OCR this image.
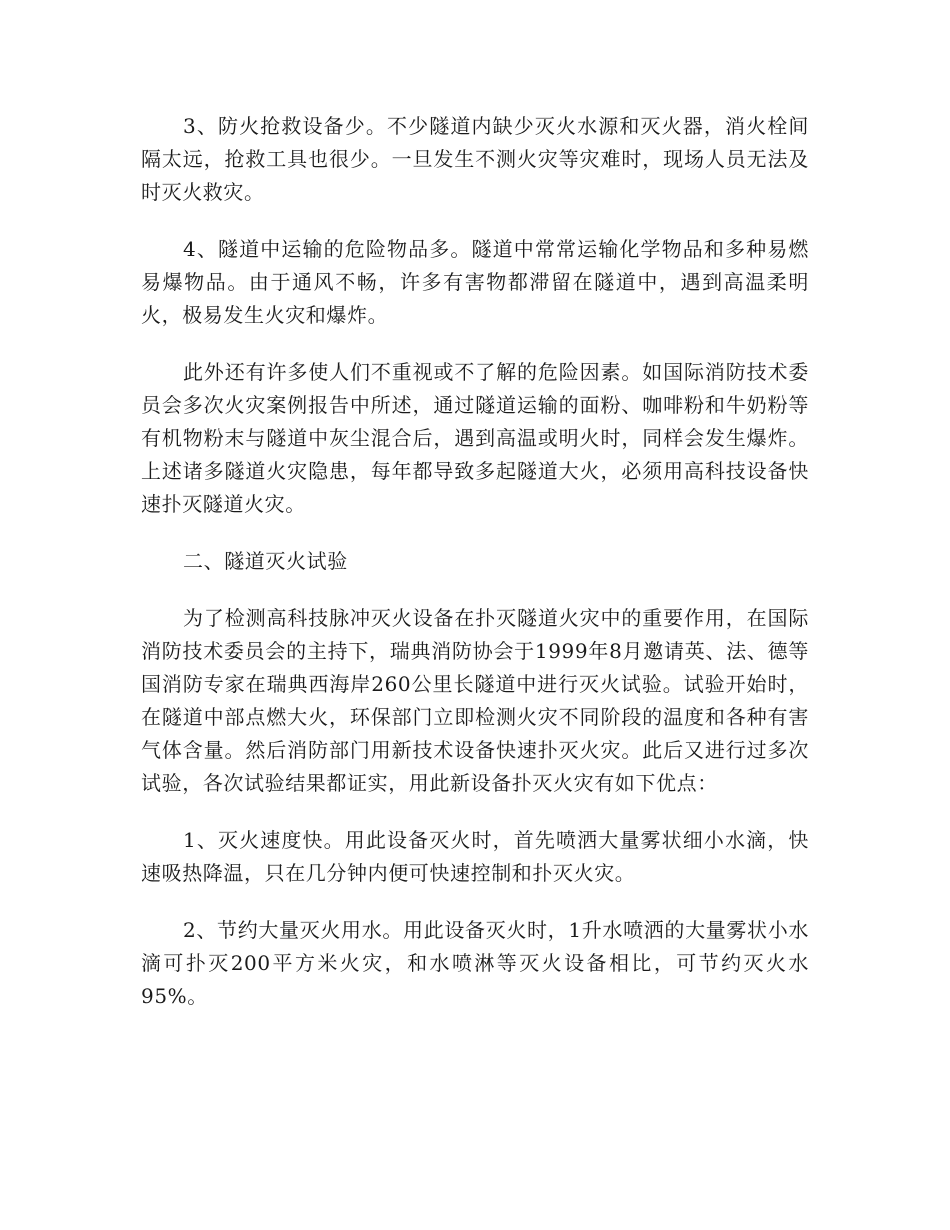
3、防火抢救设备少。不少隧道内缺少灭火水源和灭火器，消火栓间隔太远，抢救工具也很少。一旦发生不测火灾等灾难时，现场人员无法及时灭火救灾。

4、隧道中运输的危险物品多。隧道中常常运输化学物品和多种易燃易爆物品。由于通风不畅，许多有害物都滞留在隧道中，遇到高温柔明火，极易发生火灾和爆炸。

此外还有许多使人们不重视或不了解的危险因素。如国际消防技术委员会多次火灾案例报告中所述，通过隧道运输的面粉、咖啡粉和牛奶粉等有机物粉末与隧道中灰尘混合后，遇到高温或明火时，同样会发生爆炸。上述诸多隧道火灾隐患，每年都导致多起隧道大火，必须用高科技设备快速扑灭隧道火灾。

二、隧道灭火试验

为了检测高科技脉冲灭火设备在扑灭隧道火灾中的重要作用，在国际消防技术委员会的主持下，瑞典消防协会于1999年8月邀请英、法、德等国消防专家在瑞典西海岸260公里长隧道中进行灭火试验。试验开始时，在隧道中部点燃大火，环保部门立即检测火灾不同阶段的温度和各种有害气体含量。然后消防部门用新技术设备快速扑灭火灾。此后又进行过多次试验，各次试验结果都证实，用此新设备扑灭火灾有如下优点：

1、灭火速度快。用此设备灭火时，首先喷洒大量雾状细小水滴，快速吸热降温，只在几分钟内便可快速控制和扑灭火灾。

2、节约大量灭火用水。用此设备灭火时，1升水喷洒的大量雾状小水滴可扑灭200平方米火灾，和水喷淋等灭火设备相比，可节约灭火水95%。
